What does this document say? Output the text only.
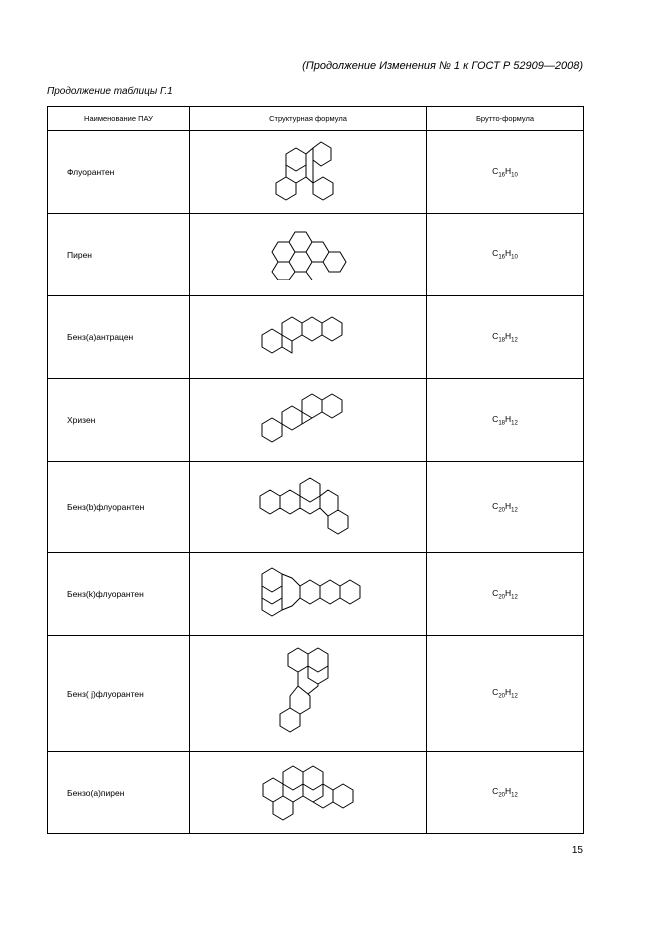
(Продолжение Изменения № 1 к ГОСТ Р 52909—2008)
Продолжение таблицы Г.1
Наименование ПАУ	Структурная формула	Брутто-формула
Флуорантен		$C_{16}H_{10}$
Пирен		$C_{16}H_{10}$
Бенз(а)антрацен		$C_{18}H_{12}$
Хризен		$C_{18}H_{12}$
Бенз(b)флуорантен		$C_{20}H_{12}$
Бенз(k)флуорантен		$C_{20}H_{12}$
Бенз( j)флуорантен		$C_{20}H_{12}$
Бензо(а)пирен		$C_{20}H_{12}$
15
